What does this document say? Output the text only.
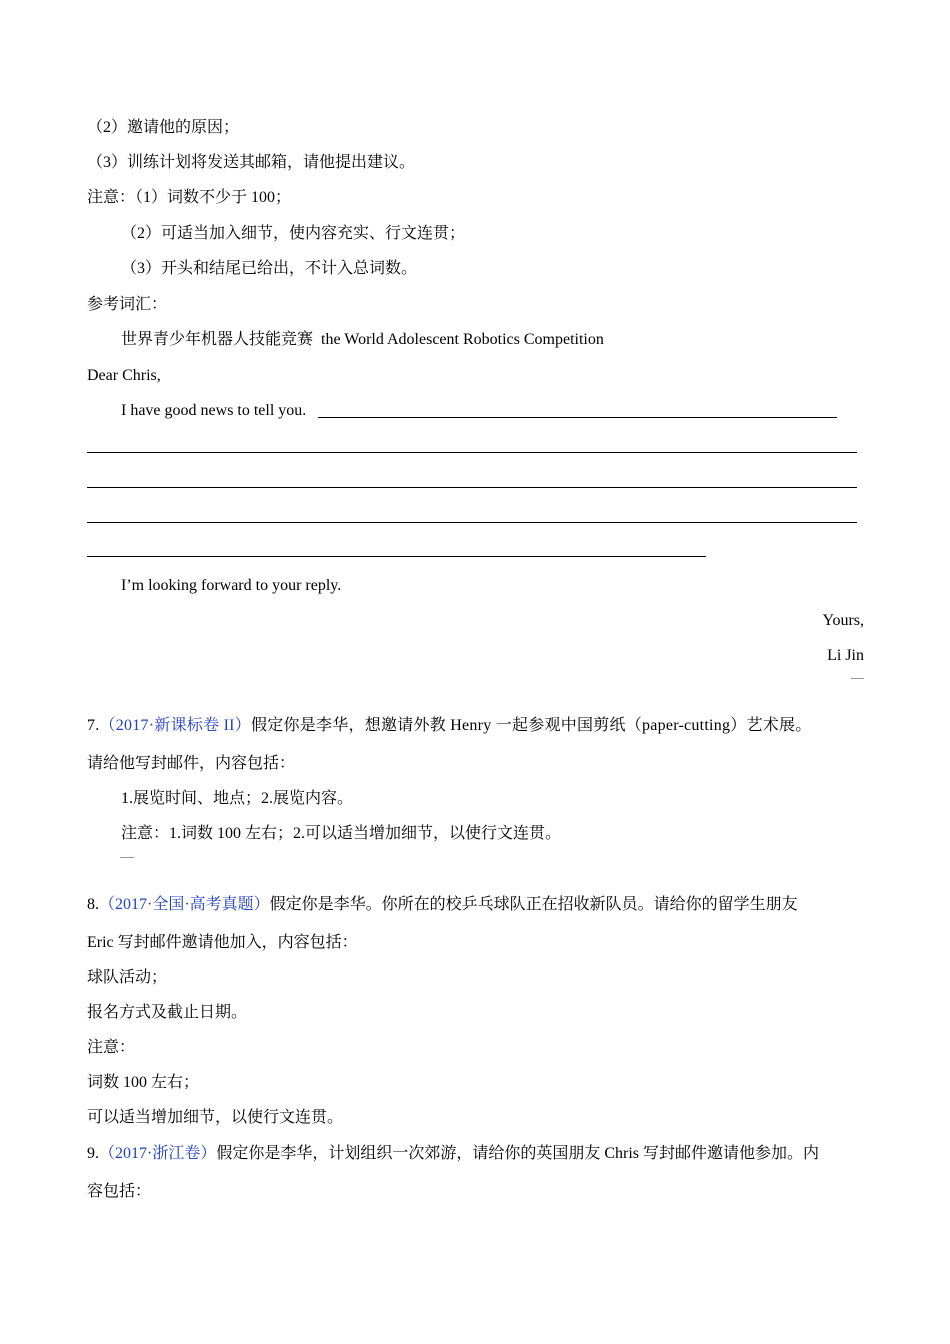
（2）邀请他的原因；
（3）训练计划将发送其邮箱，请他提出建议。
注意：（1）词数不少于 100；
（2）可适当加入细节，使内容充实、行文连贯；
（3）开头和结尾已给出，不计入总词数。
参考词汇：
世界青少年机器人技能竞赛 the World Adolescent Robotics Competition
Dear Chris,
I have good news to tell you.
I’m looking forward to your reply.
Yours,
Li Jin
7.（2017·新课标卷 II）假定你是李华，想邀请外教 Henry 一起参观中国剪纸（paper-cutting）艺术展。
请给他写封邮件，内容包括：
1.展览时间、地点；2.展览内容。
注意：1.词数 100 左右；2.可以适当增加细节，以使行文连贯。
8.（2017·全国·高考真题）假定你是李华。你所在的校乒乓球队正在招收新队员。请给你的留学生朋友
Eric 写封邮件邀请他加入，内容包括：
球队活动；
报名方式及截止日期。
注意：
词数 100 左右；
可以适当增加细节，以使行文连贯。
9.（2017·浙江卷）假定你是李华，计划组织一次郊游，请给你的英国朋友 Chris 写封邮件邀请他参加。内
容包括：
